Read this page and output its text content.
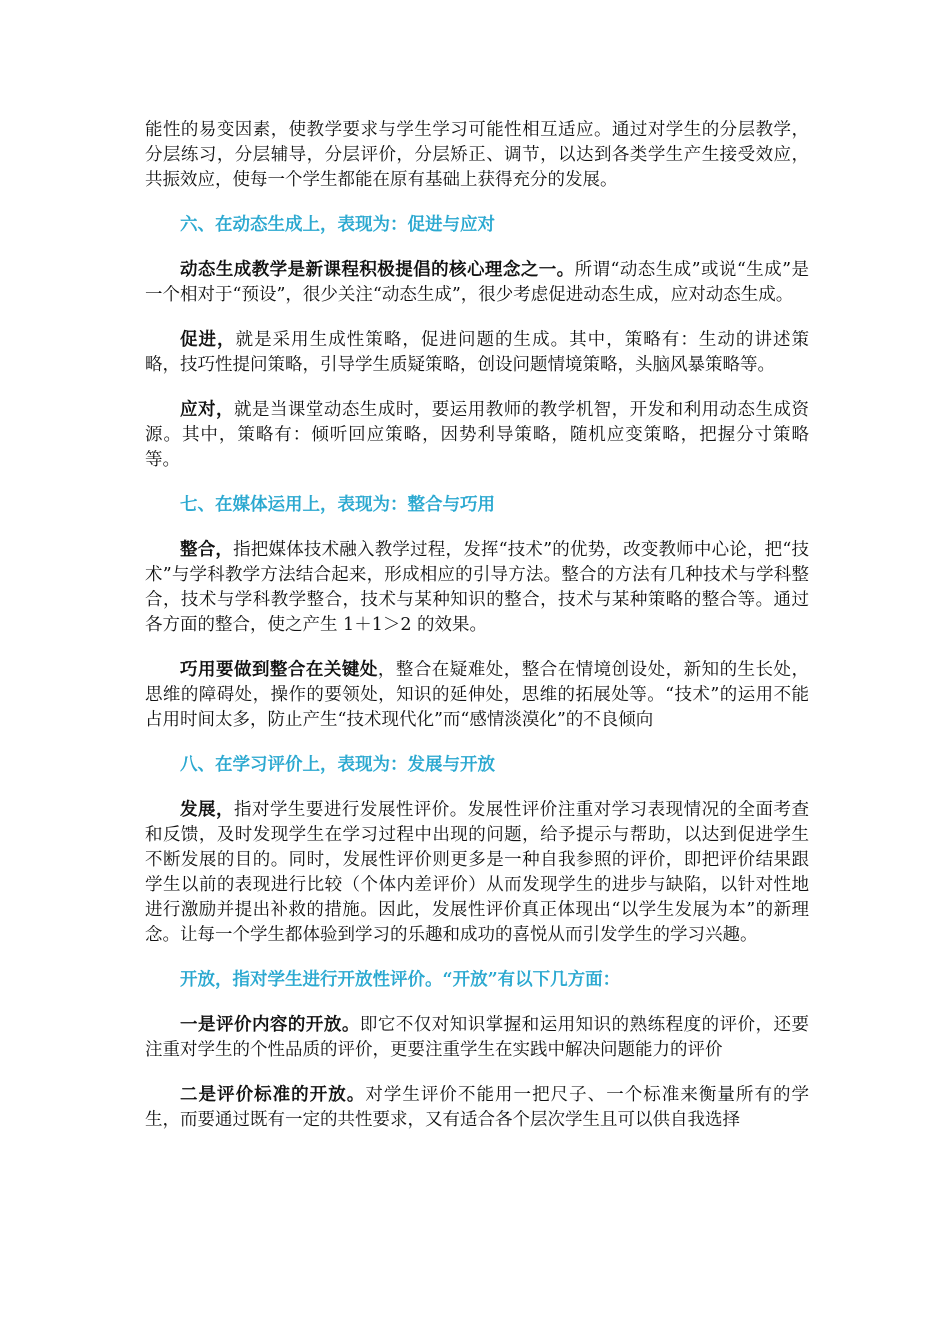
能性的易变因素，使教学要求与学生学习可能性相互适应。通过对学生的分层教学，分层练习，分层辅导，分层评价，分层矫正、调节，以达到各类学生产生接受效应，共振效应，使每一个学生都能在原有基础上获得充分的发展。

六、在动态生成上，表现为：促进与应对

动态生成教学是新课程积极提倡的核心理念之一。所谓“动态生成”或说“生成”是一个相对于“预设”，很少关注“动态生成”，很少考虑促进动态生成，应对动态生成。

促进，就是采用生成性策略，促进问题的生成。其中，策略有：生动的讲述策略，技巧性提问策略，引导学生质疑策略，创设问题情境策略，头脑风暴策略等。

应对，就是当课堂动态生成时，要运用教师的教学机智，开发和利用动态生成资源。其中，策略有：倾听回应策略，因势利导策略，随机应变策略，把握分寸策略等。

七、在媒体运用上，表现为：整合与巧用

整合，指把媒体技术融入教学过程，发挥“技术”的优势，改变教师中心论，把“技术”与学科教学方法结合起来，形成相应的引导方法。整合的方法有几种技术与学科整合，技术与学科教学整合，技术与某种知识的整合，技术与某种策略的整合等。通过各方面的整合，使之产生 1＋1＞2 的效果。

巧用要做到整合在关键处，整合在疑难处，整合在情境创设处，新知的生长处，思维的障碍处，操作的要领处，知识的延伸处，思维的拓展处等。“技术”的运用不能占用时间太多，防止产生“技术现代化”而“感情淡漠化”的不良倾向

八、在学习评价上，表现为：发展与开放

发展，指对学生要进行发展性评价。发展性评价注重对学习表现情况的全面考查和反馈，及时发现学生在学习过程中出现的问题，给予提示与帮助，以达到促进学生不断发展的目的。同时，发展性评价则更多是一种自我参照的评价，即把评价结果跟学生以前的表现进行比较（个体内差评价）从而发现学生的进步与缺陷，以针对性地进行激励并提出补救的措施。因此，发展性评价真正体现出“以学生发展为本”的新理念。让每一个学生都体验到学习的乐趣和成功的喜悦从而引发学生的学习兴趣。

开放，指对学生进行开放性评价。“开放”有以下几方面：

一是评价内容的开放。即它不仅对知识掌握和运用知识的熟练程度的评价，还要注重对学生的个性品质的评价，更要注重学生在实践中解决问题能力的评价

二是评价标准的开放。对学生评价不能用一把尺子、一个标准来衡量所有的学生，而要通过既有一定的共性要求，又有适合各个层次学生且可以供自我选择
